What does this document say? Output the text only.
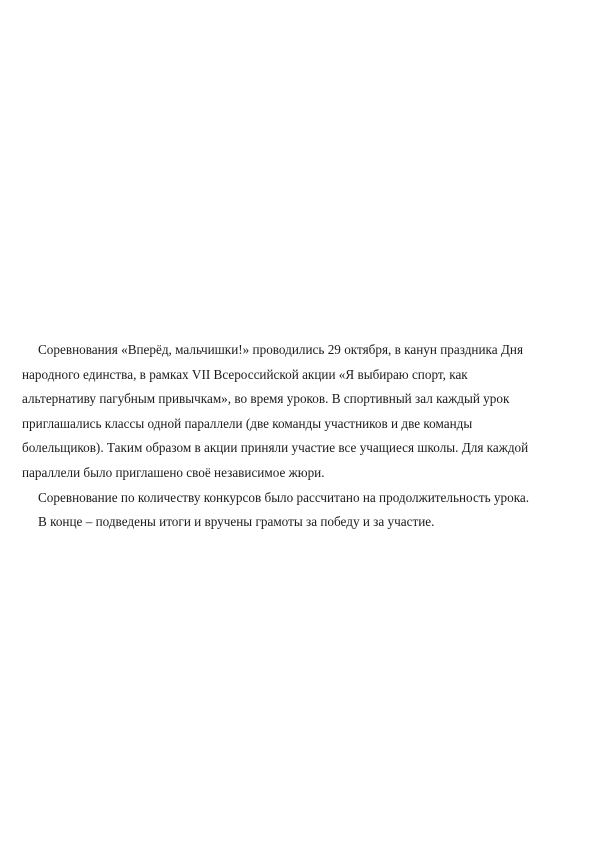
Соревнования «Вперёд, мальчишки!» проводились 29 октября, в канун праздника Дня
народного единства, в рамках VII Всероссийской акции «Я выбираю спорт, как
альтернативу пагубным привычкам», во время уроков. В спортивный зал каждый урок
приглашались классы одной параллели (две команды участников и две команды
болельщиков). Таким образом в акции приняли участие все учащиеся школы. Для каждой
параллели было приглашено своё независимое жюри.
Соревнование по количеству конкурсов было рассчитано на продолжительность урока.
В конце – подведены итоги и вручены грамоты за победу и за участие.
